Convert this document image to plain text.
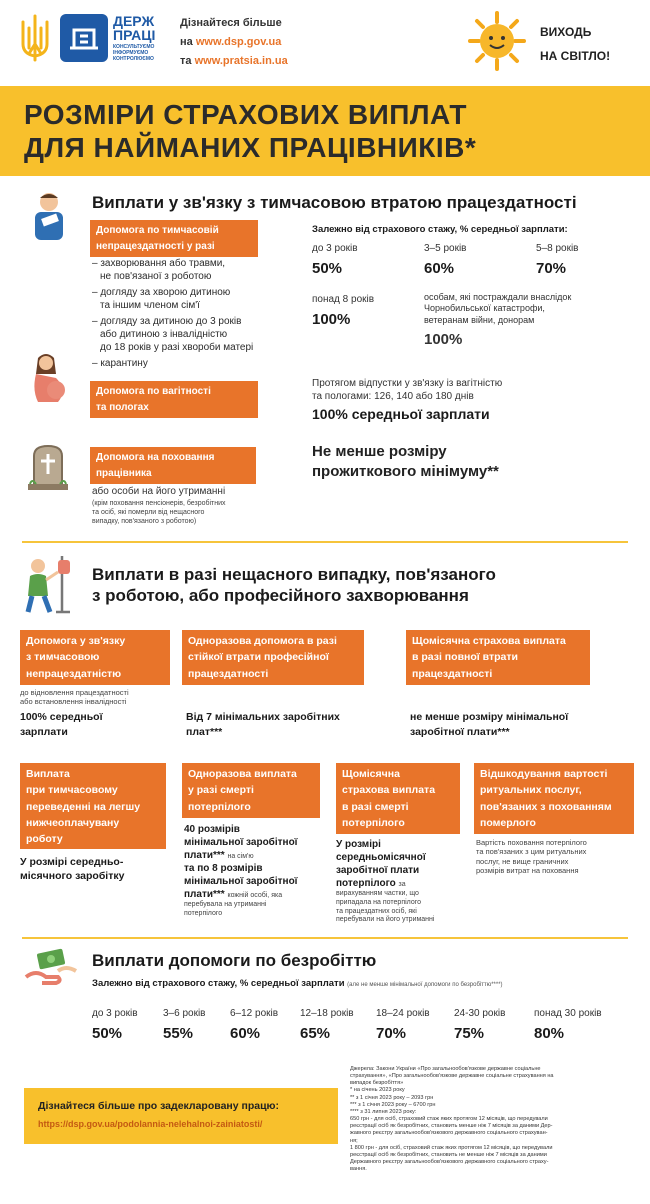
ДЕРЖ
ПРАЦІ
КОНСУЛЬТУЄМО
ІНФОРМУЄМО
КОНТРОЛЮЄМО
Дізнайтеся більше
на www.dsp.gov.ua
та www.pratsia.in.ua
ВИХОДЬ
НА СВІТЛО!
РОЗМІРИ СТРАХОВИХ ВИПЛАТ
ДЛЯ НАЙМАНИХ ПРАЦІВНИКІВ*
Виплати у зв'язку з тимчасовою втратою працездатності
Допомога по тимчасовій
непрацездатності у разі
– захворювання або травми,
не пов'язаної з роботою
– догляду за хворою дитиною
та іншим членом сім'ї
– догляду за дитиною до 3 років
або дитиною з інвалідністю
до 18 років у разі хвороби матері
– карантину
Залежно від страхового стажу, % середньої зарплати:
до 3 років
50%
3–5 років
60%
5–8 років
70%
понад 8 років
100%
особам, які постраждали внаслідок
Чорнобильської катастрофи,
ветеранам війни, донорам
100%
Допомога по вагітності
та пологах
Протягом відпустки у зв'язку із вагітністю
та пологами: 126, 140 або 180 днів
100% середньої зарплати
Допомога на поховання
працівника
або особи на його утриманні
(крім поховання пенсіонерів, безробітних
та осіб, які померли від нещасного
випадку, пов'язаного з роботою)
Не менше розміру
прожиткового мінімуму**
Виплати в разі нещасного випадку, пов'язаного
з роботою, або професійного захворювання
Допомога у зв'язку
з тимчасовою
непрацездатністю
до відновлення працездатності
або встановлення інвалідності
100% середньої
зарплати
Одноразова допомога в разі
стійкої втрати професійної
працездатності
Від 7 мінімальних заробітних
плат***
Щомісячна страхова виплата
в разі повної втрати
працездатності
не менше розміру мінімальної
заробітної плати***
Виплата
при тимчасовому
переведенні на легшу
нижчеоплачувану
роботу
У розмірі середньо-
місячного заробітку
Одноразова виплата
у разі смерті
потерпілого
40 розмірів
мінімальної заробітної
плати*** на сім'ю
та по 8 розмірів
мінімальної заробітної
плати*** кожній особі, яка
перебувала на утриманні
потерпілого
Щомісячна
страхова виплата
в разі смерті
потерпілого
У розмірі
середньомісячної
заробітної плати
потерпілого за
вирахуванням частки, що
припадала на потерпілого
та працездатних осіб, які
перебували на його утриманні
Відшкодування вартості
ритуальних послуг,
пов'язаних з похованням
померлого
Вартість поховання потерпілого
та пов'язаних з цим ритуальних
послуг, не вище граничних
розмірів витрат на поховання
Виплати допомоги по безробіттю
Залежно від страхового стажу, % середньої зарплати (але не менше мінімальної допомоги по безробіттю****)
до 3 років
50%
3–6 років
55%
6–12 років
60%
12–18 років
65%
18–24 років
70%
24-30 років
75%
понад 30 років
80%
Дізнайтеся більше про задекларовану працю:
https://dsp.gov.ua/podolannia-nelehalnoi-zainiatosti/
Джерела: Закони України «Про загальнообов'язкове державне соціальне
страхування», «Про загальнообов'язкове державне соціальне страхування на
випадок безробіття»
* на січень 2023 року
** з 1 січня 2023 року – 2093 грн
*** з 1 січня 2023 року – 6700 грн
**** з 31 липня 2023 року:
650 грн - для осіб, страховий стаж яких протягом 12 місяців, що передували
реєстрації осіб як безробітних, становить менше ніж 7 місяців за даними Дер-
жавного реєстру загальнообов'язкового державного соціального страхуван-
ня;
1 800 грн - для осіб, страховий стаж яких протягом 12 місяців, що передували
реєстрації осіб як безробітних, становить не менше ніж 7 місяців за даними
Державного реєстру загальнообов'язкового державного соціального страху-
вання.
